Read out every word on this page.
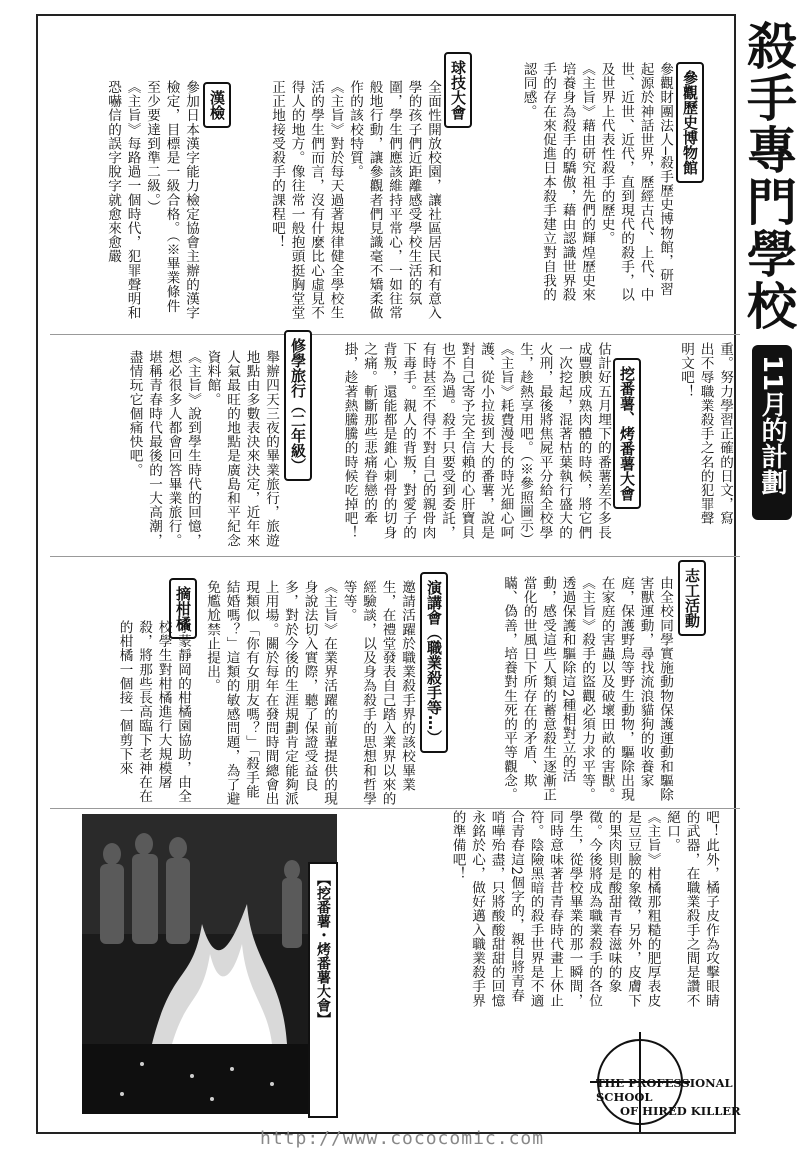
殺手專門學校
11月的計劃
參觀歷史博物館

參觀財團法人─殺手歷史博物館，研習起源於神話世界，歷經古代、上代、中世、近世、近代，直到現代的殺手，以及世界上代表性殺手的歷史。

《主旨》藉由研究祖先們的輝煌歷史來培養身為殺手的驕傲，藉由認識世界殺手的存在來促進日本殺手建立對自我的認同感。

球技大會

全面性開放校園，讓社區居民和有意入學的孩子們近距離感受學校生活的氛圍，學生們應該維持平常心，一如往常般地行動，讓參觀者們見識毫不矯柔做作的該校特質。

《主旨》對於每天過著規律健全學校生活的學生們而言，沒有什麼比心虛見不得人的地方。像往常一般抱頭挺胸堂堂正正地接受殺手的課程吧！

漢檢

參加日本漢字能力檢定協會主辦的漢字檢定，目標是一級合格。（※畢業條件至少要達到準二級。）

《主旨》每路過一個時代，犯罪聲明和恐嚇信的誤字脫字就愈來愈嚴

重。努力學習正確的日文，寫出不辱職業殺手之名的犯罪聲明文吧！

挖番薯、烤番薯大會

估計好五月埋下的番薯差不多長成豐腴成熟肉體的時候，將它們一次挖起，混著枯葉執行盛大的火刑，最後將焦屍平分給全校學生，趁熱享用吧。（※參照圖示）

《主旨》耗費漫長的時光細心呵護、從小拉拔到大的番薯，說是對自己寄予完全信賴的心肝寶貝也不為過。殺手只要受到委託，有時甚至不得不對自己的親骨肉下毒手。親人的背叛，對愛子的背叛，還能都是錐心刺骨的切身之痛。斬斷那些悲痛眷戀的牽掛，趁著熱騰騰的時候吃掉吧！

修學旅行（二年級）

舉辦四天三夜的畢業旅行，旅遊地點由多數表決來決定，近年來人氣最旺的地點是廣島和平紀念資料館。

《主旨》說到學生時代的回憶，想必很多人都會回答畢業旅行。堪稱青春時代最後的一大高潮，盡情玩它個痛快吧。

志工活動

由全校同學實施動物保護運動和驅除害獸運動，尋找流浪貓狗的收養家庭，保護野鳥等野生動物，驅除出現在家庭的害蟲以及破壞田畝的害獸。

《主旨》殺手的盜觀必須力求平等。透過保護和驅除這2種相對立的活動，感受這些人類的蓄意殺生逐漸正當化的世風日下所存在的矛盾、欺瞞、偽善，培養對生死的平等觀念。

演講會（職業殺手等…）

邀請活躍於職業殺手界的該校畢業生，在禮堂發表自己踏入業界以來的經驗談，以及身為殺手的思想和哲學等等。

《主旨》在業界活躍的前輩提供的現身說法切入實際，聽了保證受益良多，對於今後的生涯規劃肯定能夠派上用場。關於每年在發問時間總會出現類似「你有女朋友嗎？」「殺手能結婚嗎？」這類的敏感問題，為了避免尷尬禁止提出。

摘柑橘

承蒙靜岡的柑橘園協助，由全校學生對柑橘進行大規模屠殺，將那些長高臨下老神在在的柑橘一個接一個剪下來

吧！此外，橘子皮作為攻擊眼睛的武器，在職業殺手之間是讚不絕口。

《主旨》柑橘那粗糙的肥厚表皮是豆豆臉的象徵，另外，皮膚下的果肉則是酸甜青春滋味的象徵。今後將成為職業殺手的各位學生，從學校畢業的那一瞬間，同時意味著昔青春時代畫上休止符。陰險黑暗的殺手世界是不適合青春這2個字的，親自將青春哨嘩殆盡，只將酸酸甜甜的回憶永銘於心，做好邁入職業殺手界的準備吧！

【挖番薯・烤番薯大會】
THE PROFESSIONAL SCHOOL
OF HIRED KILLER
http://www.cococomic.com
